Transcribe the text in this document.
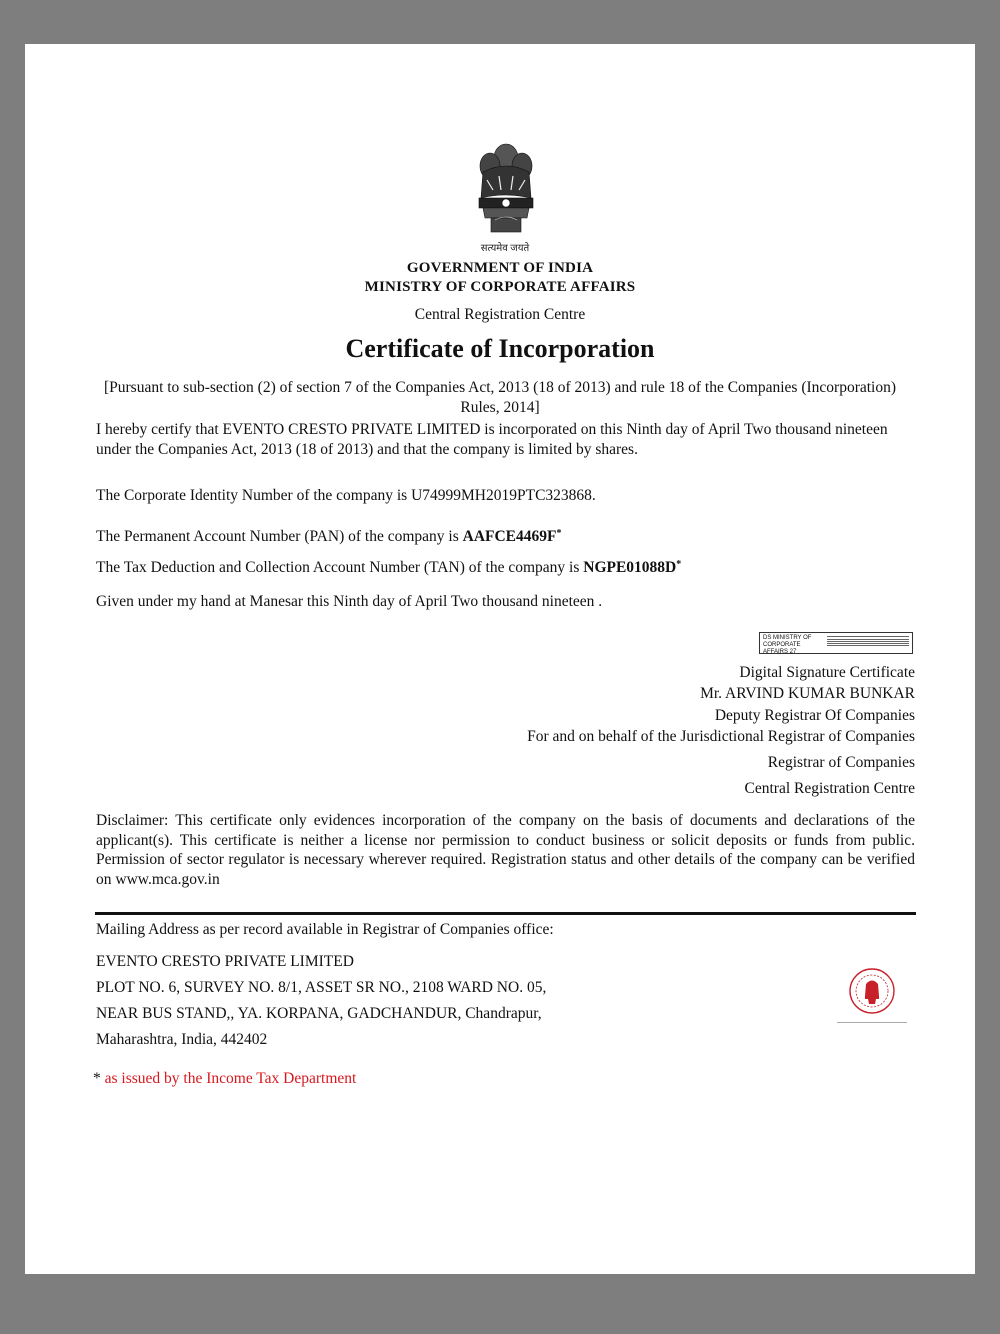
सत्यमेव जयते
GOVERNMENT OF INDIA
MINISTRY OF CORPORATE AFFAIRS
Central Registration Centre
Certificate of Incorporation
[Pursuant to sub-section (2) of section 7 of the Companies Act, 2013 (18 of 2013) and rule 18 of the Companies (Incorporation) Rules, 2014]
I hereby certify that EVENTO CRESTO PRIVATE LIMITED is incorporated on this Ninth day of April Two thousand nineteen under the Companies Act, 2013 (18 of 2013) and that the company is limited by shares.
The Corporate Identity Number of the company is U74999MH2019PTC323868.
The Permanent Account Number (PAN) of the company is AAFCE4469F*
The Tax Deduction and Collection Account Number (TAN) of the company is NGPE01088D*
Given under my hand at Manesar this Ninth day of April Two thousand nineteen .
DS MINISTRY OF
CORPORATE AFFAIRS 27
Digital Signature Certificate
Mr. ARVIND KUMAR BUNKAR
Deputy Registrar Of Companies
For and on behalf of the Jurisdictional Registrar of Companies
Registrar of Companies
Central Registration Centre
Disclaimer: This certificate only evidences incorporation of the company on the basis of documents and declarations of the applicant(s). This certificate is neither a license nor permission to conduct business or solicit deposits or funds from public. Permission of sector regulator is necessary wherever required. Registration status and other details of the company can be verified on www.mca.gov.in
Mailing Address as per record available in Registrar of Companies office:
EVENTO CRESTO PRIVATE LIMITED
PLOT NO. 6, SURVEY NO. 8/1, ASSET SR NO., 2108 WARD NO. 05,
NEAR BUS STAND,, YA. KORPANA, GADCHANDUR, Chandrapur,
Maharashtra, India, 442402
* as issued by the Income Tax Department
